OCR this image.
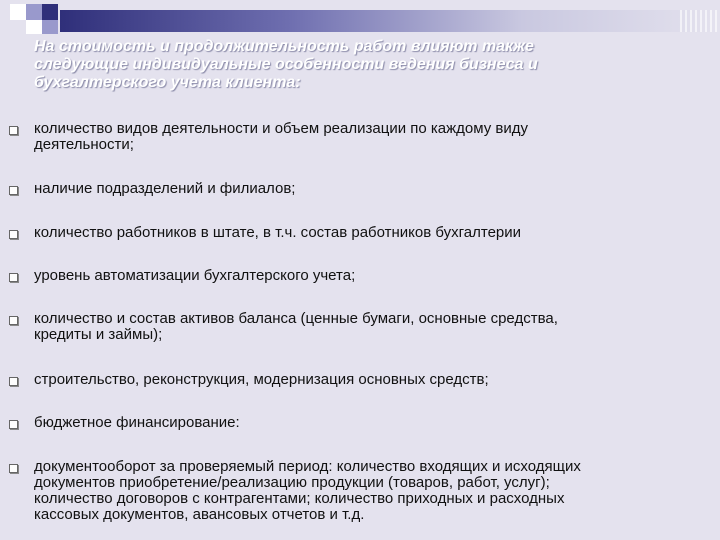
На стоимость и продолжительность работ влияют также
следующие индивидуальные особенности ведения бизнеса и
бухгалтерского учета клиента:
количество видов деятельности и объем реализации по каждому виду
деятельности;
наличие подразделений и филиалов;
количество работников в штате, в т.ч. состав работников бухгалтерии
уровень автоматизации бухгалтерского учета;
количество и состав активов баланса (ценные бумаги, основные средства,
кредиты и займы);
строительство, реконструкция, модернизация основных средств;
бюджетное финансирование:
документооборот за проверяемый период: количество входящих и исходящих
документов приобретение/реализацию продукции (товаров, работ, услуг);
количество договоров с контрагентами; количество приходных и расходных
кассовых документов, авансовых отчетов и т.д.
